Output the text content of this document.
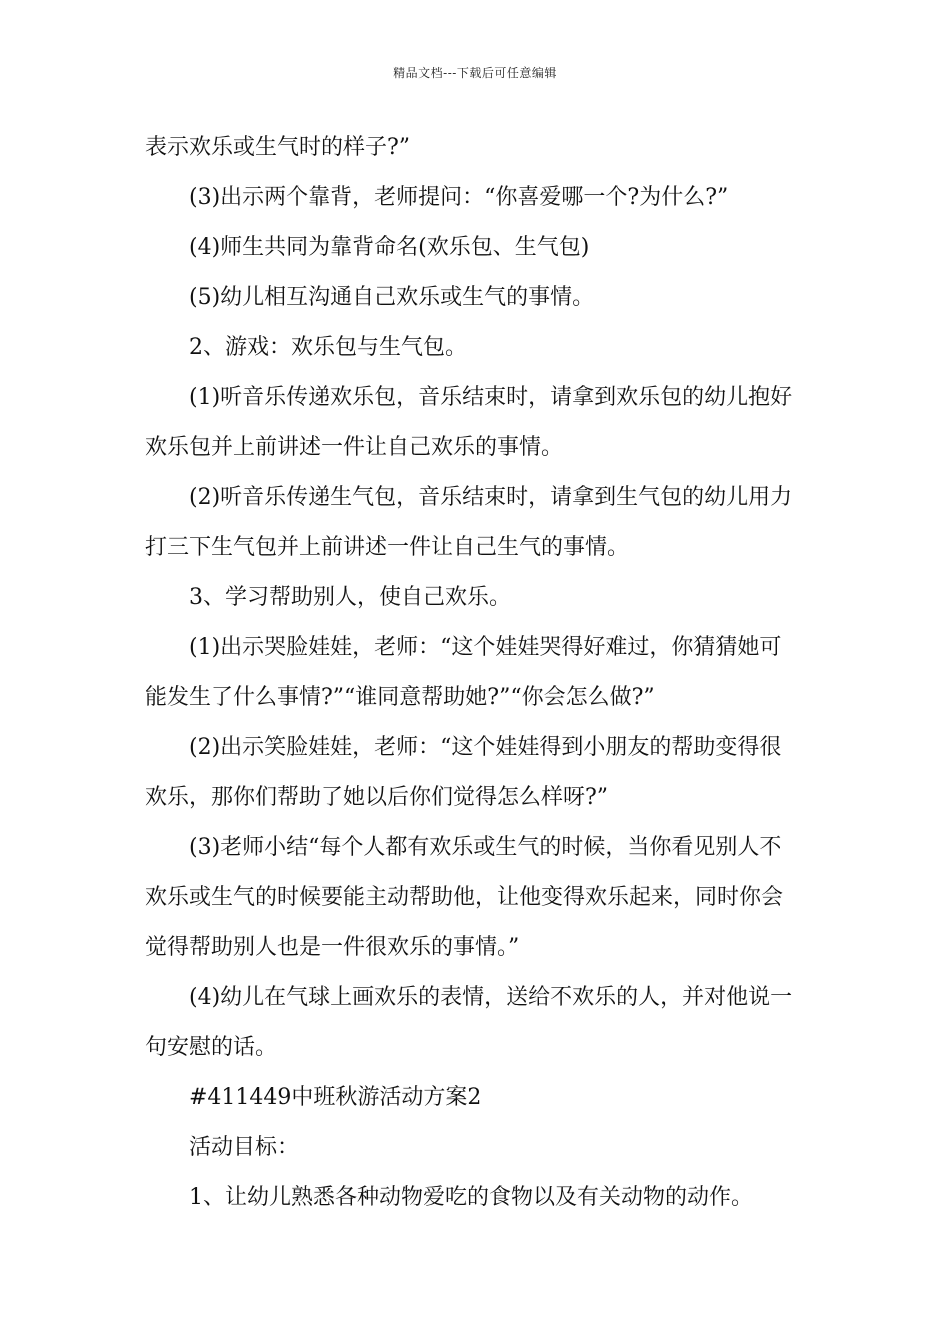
精品文档---下载后可任意编辑
表示欢乐或生气时的样子?”
(3)出示两个靠背，老师提问：“你喜爱哪一个?为什么?”
(4)师生共同为靠背命名(欢乐包、生气包)
(5)幼儿相互沟通自己欢乐或生气的事情。
2、游戏：欢乐包与生气包。
(1)听音乐传递欢乐包，音乐结束时，请拿到欢乐包的幼儿抱好
欢乐包并上前讲述一件让自己欢乐的事情。
(2)听音乐传递生气包，音乐结束时，请拿到生气包的幼儿用力
打三下生气包并上前讲述一件让自己生气的事情。
3、学习帮助别人，使自己欢乐。
(1)出示哭脸娃娃，老师：“这个娃娃哭得好难过，你猜猜她可
能发生了什么事情?”“谁同意帮助她?”“你会怎么做?”
(2)出示笑脸娃娃，老师：“这个娃娃得到小朋友的帮助变得很
欢乐，那你们帮助了她以后你们觉得怎么样呀?”
(3)老师小结“每个人都有欢乐或生气的时候，当你看见别人不
欢乐或生气的时候要能主动帮助他，让他变得欢乐起来，同时你会
觉得帮助别人也是一件很欢乐的事情。”
(4)幼儿在气球上画欢乐的表情，送给不欢乐的人，并对他说一
句安慰的话。
#411449中班秋游活动方案2
活动目标：
1、让幼儿熟悉各种动物爱吃的食物以及有关动物的动作。
